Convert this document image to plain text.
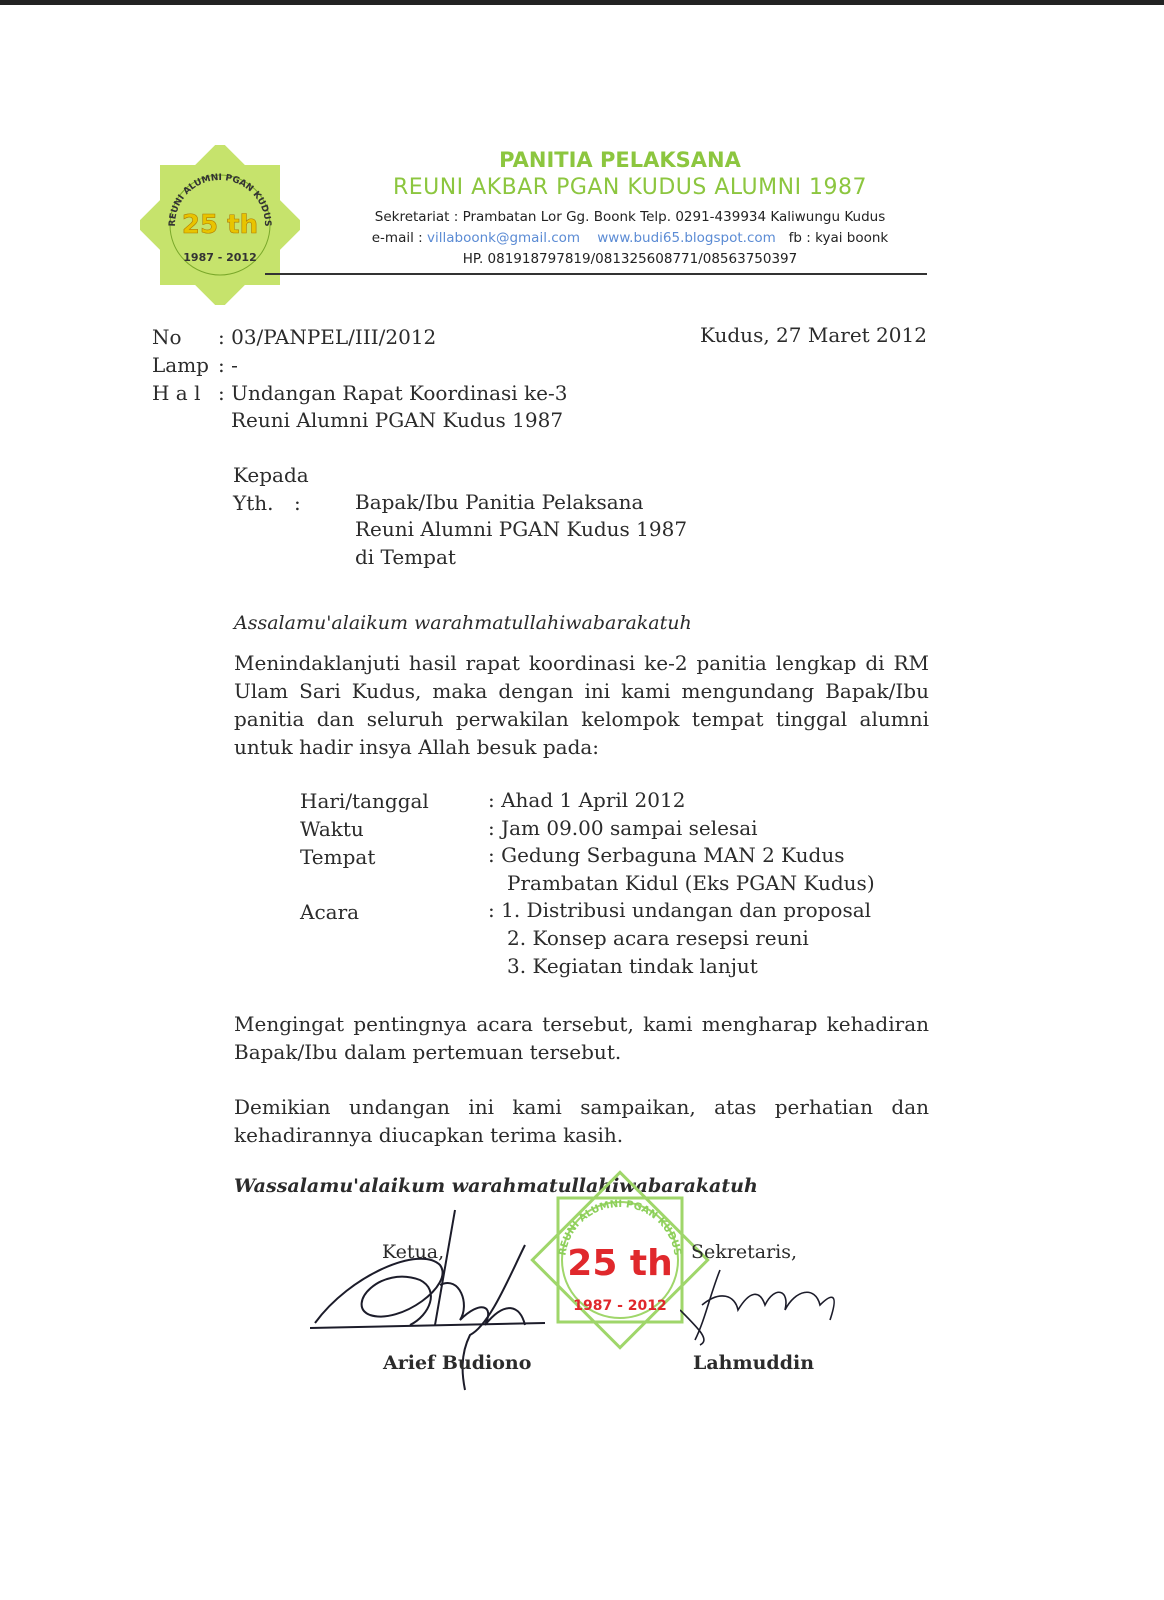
REUNI ALUMNI PGAN KUDUS
25 th
1987 - 2012
PANITIA PELAKSANA
REUNI AKBAR PGAN KUDUS ALUMNI 1987
Sekretariat : Prambatan Lor Gg. Boonk Telp. 0291-439934 Kaliwungu Kudus
e-mail : villaboonk@gmail.com www.budi65.blogspot.com fb : kyai boonk
HP. 081918797819/081325608771/08563750397
No : 03/PANPEL/III/2012
Lamp : -
H a l : Undangan Rapat Koordinasi ke-3
Reuni Alumni PGAN Kudus 1987
Kudus, 27 Maret 2012
Kepada
Yth. :	Bapak/Ibu Panitia Pelaksana
Reuni Alumni PGAN Kudus 1987
di Tempat
Assalamu'alaikum warahmatullahiwabarakatuh
Menindaklanjuti hasil rapat koordinasi ke-2 panitia lengkap di RM Ulam Sari Kudus, maka dengan ini kami mengundang Bapak/Ibu panitia dan seluruh perwakilan kelompok tempat tinggal alumni untuk hadir insya Allah besuk pada:
Hari/tanggal	: Ahad 1 April 2012
Waktu	: Jam 09.00 sampai selesai
Tempat	: Gedung Serbaguna MAN 2 Kudus
Prambatan Kidul (Eks PGAN Kudus)
Acara	: 1. Distribusi undangan dan proposal
2. Konsep acara resepsi reuni
3. Kegiatan tindak lanjut
Mengingat pentingnya acara tersebut, kami mengharap kehadiran Bapak/Ibu dalam pertemuan tersebut.
Demikian undangan ini kami sampaikan, atas perhatian dan kehadirannya diucapkan terima kasih.
Wassalamu'alaikum warahmatullahiwabarakatuh
REUNI ALUMNI PGAN KUDUS
25 th
1987 - 2012
Ketua,	Sekretaris,
Arief Budiono	Lahmuddin
